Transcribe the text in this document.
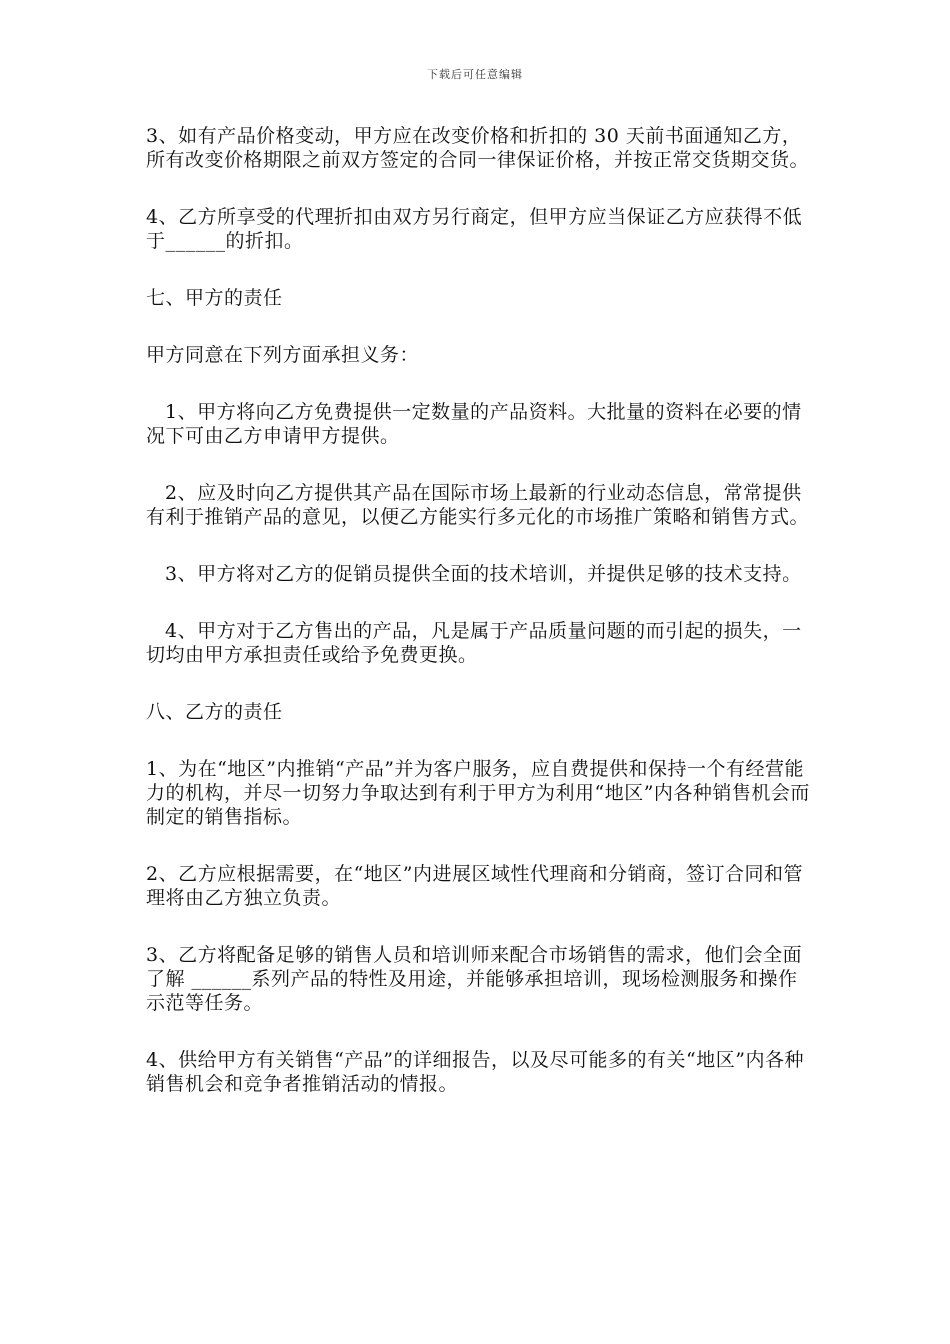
下载后可任意编辑

3、如有产品价格变动，甲方应在改变价格和折扣的 30 天前书面通知乙方，所有改变价格期限之前双方签定的合同一律保证价格，并按正常交货期交货。

4、乙方所享受的代理折扣由双方另行商定，但甲方应当保证乙方应获得不低于______的折扣。

七、甲方的责任

甲方同意在下列方面承担义务：

1、甲方将向乙方免费提供一定数量的产品资料。大批量的资料在必要的情况下可由乙方申请甲方提供。

2、应及时向乙方提供其产品在国际市场上最新的行业动态信息，常常提供有利于推销产品的意见，以便乙方能实行多元化的市场推广策略和销售方式。

3、甲方将对乙方的促销员提供全面的技术培训，并提供足够的技术支持。

4、甲方对于乙方售出的产品，凡是属于产品质量问题的而引起的损失，一切均由甲方承担责任或给予免费更换。

八、乙方的责任

1、为在“地区”内推销“产品”并为客户服务，应自费提供和保持一个有经营能力的机构，并尽一切努力争取达到有利于甲方为利用“地区”内各种销售机会而制定的销售指标。

2、乙方应根据需要，在“地区”内进展区域性代理商和分销商，签订合同和管理将由乙方独立负责。

3、乙方将配备足够的销售人员和培训师来配合市场销售的需求，他们会全面了解 ______系列产品的特性及用途，并能够承担培训，现场检测服务和操作示范等任务。

4、供给甲方有关销售“产品”的详细报告，以及尽可能多的有关“地区”内各种销售机会和竞争者推销活动的情报。
